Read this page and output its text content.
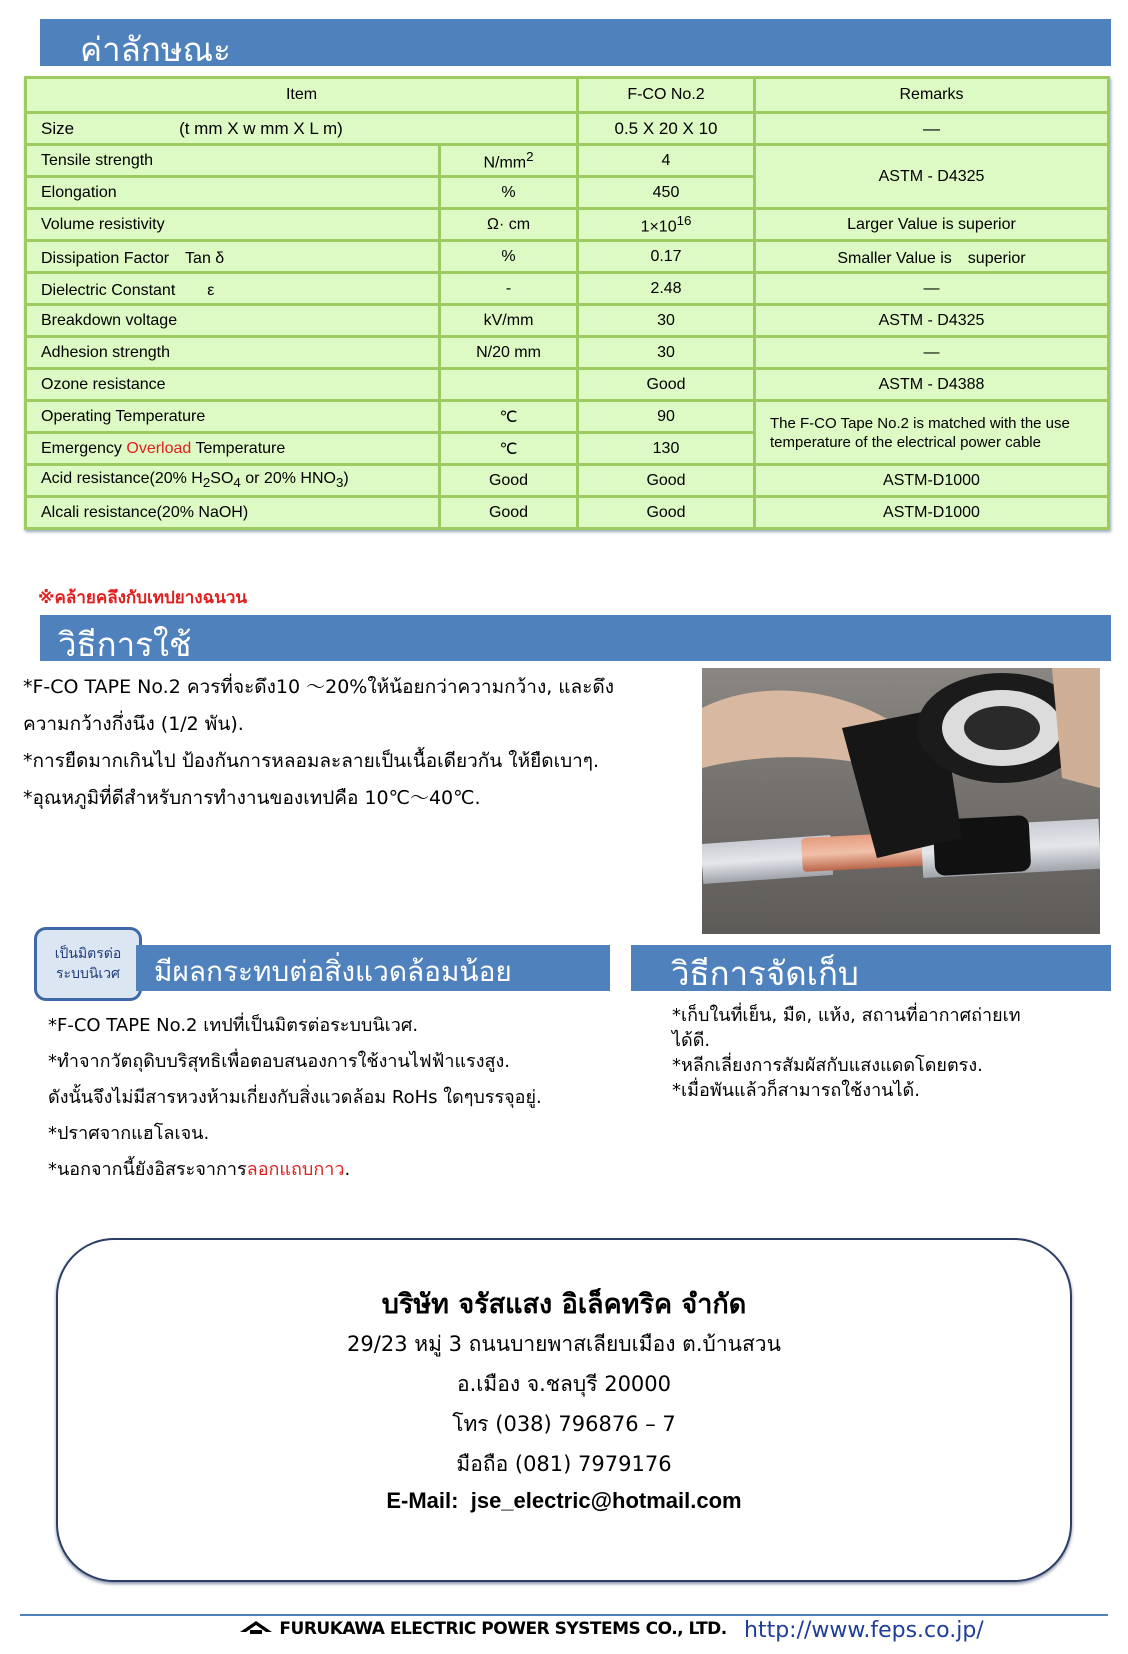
ค่าลักษณะ
Item		F-CO No.2	Remarks
Size (t mm X w mm X L m)		0.5 X 20 X 10	—
Tensile strength	$N/mm^2$	4	ASTM - D4325
Elongation	%	450	
Volume resistivity	Ω· cm	$1\times 10^{16}$	Larger Value is superior
Dissipation Factor　Tan δ	%	0.17	Smaller Value is　superior
Dielectric Constant　　ε	-	2.48	—
Breakdown voltage	kV/mm	30	ASTM - D4325
Adhesion strength	N/20 mm	30	—
Ozone resistance		Good	ASTM - D4388
Operating Temperature	℃	90	The F-CO Tape No.2 is matched with the use temperature of the electrical power cable
Emergency Overload Temperature	℃	130	
Acid resistance(20% $H_2SO_4$ or 20% $HNO_3$)	Good	Good	ASTM-D1000
Alcali resistance(20% NaOH)	Good	Good	ASTM-D1000
※คล้ายคลึงกับเทปยางฉนวน
วิธีการใช้
*F-CO TAPE No.2 ควรที่จะดึง10 ～20%ให้น้อยกว่าความกว้าง, และดึง
ความกว้างกึ่งนึง (1/2 พัน).
*การยืดมากเกินไป ป้องกันการหลอมละลายเป็นเนื้อเดียวกัน ให้ยืดเบาๆ.
*อุณหภูมิที่ดีสำหรับการทำงานของเทปคือ 10℃～40℃.
เป็นมิตรต่อ
ระบบนิเวศ	มีผลกระทบต่อสิ่งแวดล้อมน้อย	วิธีการจัดเก็บ
*F-CO TAPE No.2 เทปที่เป็นมิตรต่อระบบนิเวศ.
*ทำจากวัตถุดิบบริสุทธิเพื่อตอบสนองการใช้งานไฟฟ้าแรงสูง.
ดังนั้นจึงไม่มีสารหวงห้ามเกี่ยงกับสิ่งแวดล้อม RoHs ใดๆบรรจุอยู่.
*ปราศจากแฮโลเจน.
*นอกจากนี้ยังอิสระจาการลอกแถบกาว.
*เก็บในที่เย็น, มืด, แห้ง, สถานที่อากาศถ่ายเท
ได้ดี.
*หลีกเลี่ยงการสัมผัสกับแสงแดดโดยตรง.
*เมื่อพันแล้วก็สามารถใช้งานได้.
บริษัท จรัสแสง อิเล็คทริค จำกัด
29/23 หมู่ 3 ถนนบายพาสเลียบเมือง ต.บ้านสวน
อ.เมือง จ.ชลบุรี 20000
โทร (038) 796876 – 7
มือถือ (081) 7979176
E-Mail: jse_electric@hotmail.com
FURUKAWA ELECTRIC POWER SYSTEMS CO., LTD. http://www.feps.co.jp/
